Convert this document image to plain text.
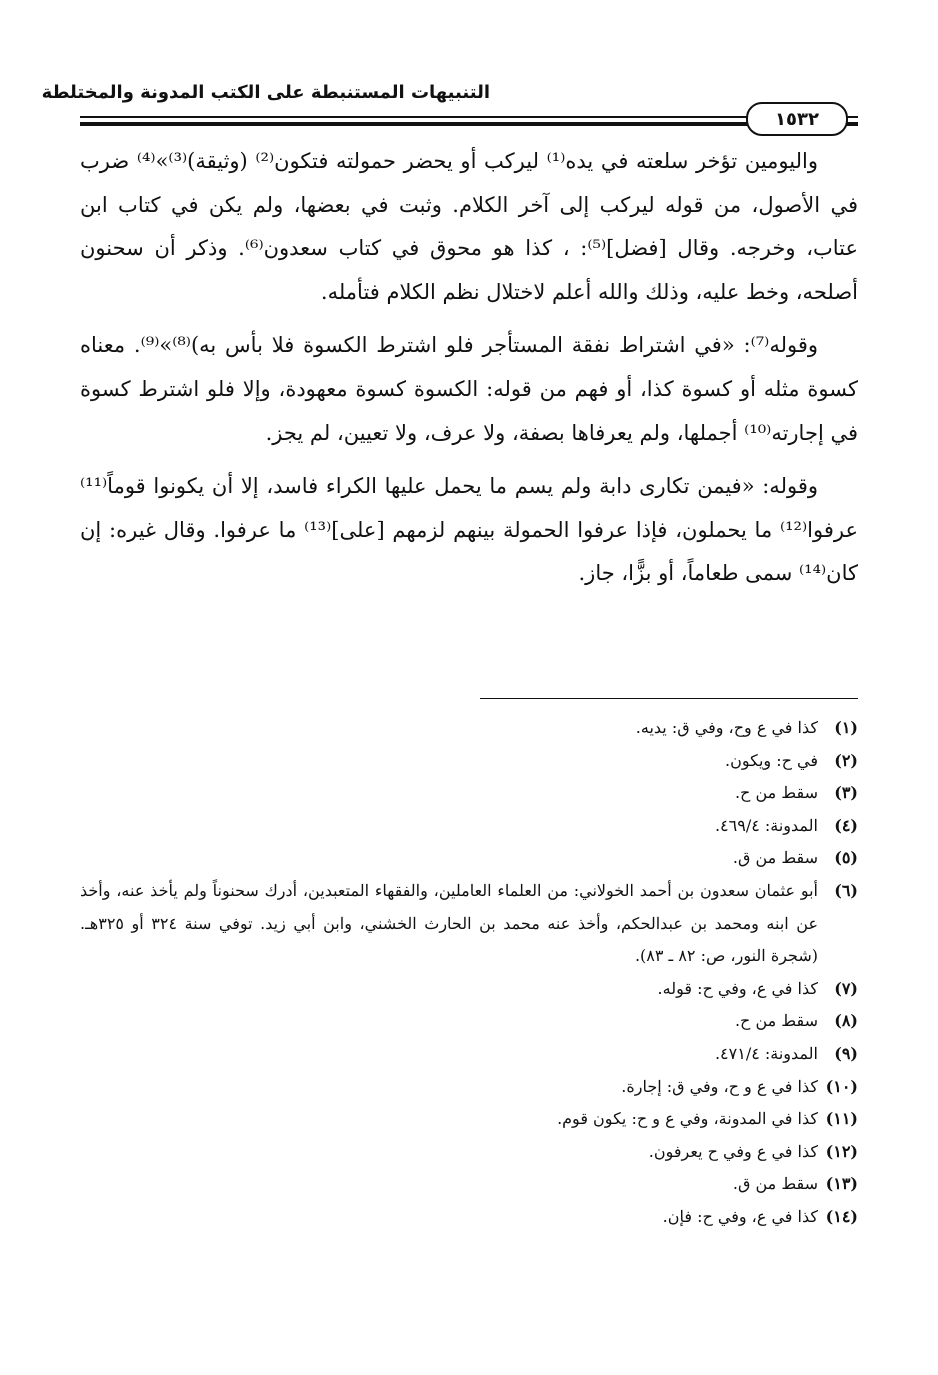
التنبيهات المستنبطة على الكتب المدونة والمختلطة
١٥٣٢

واليومين تؤخر سلعته في يده⁽¹⁾ ليركب أو يحضر حمولته فتكون⁽²⁾ (وثيقة)⁽³⁾»⁽⁴⁾ ضرب في الأصول، من قوله ليركب إلى آخر الكلام. وثبت في بعضها، ولم يكن في كتاب ابن عتاب، وخرجه. وقال [فضل]⁽⁵⁾: ، كذا هو محوق في كتاب سعدون⁽⁶⁾. وذكر أن سحنون أصلحه، وخط عليه، وذلك والله أعلم لاختلال نظم الكلام فتأمله.

وقوله⁽⁷⁾: «في اشتراط نفقة المستأجر فلو اشترط الكسوة فلا بأس به)⁽⁸⁾»⁽⁹⁾. معناه كسوة مثله أو كسوة كذا، أو فهم من قوله: الكسوة كسوة معهودة، وإلا فلو اشترط كسوة في إجارته⁽¹⁰⁾ أجملها، ولم يعرفاها بصفة، ولا عرف، ولا تعيين، لم يجز.

وقوله: «فيمن تكارى دابة ولم يسم ما يحمل عليها الكراء فاسد، إلا أن يكونوا قوماً⁽¹¹⁾ عرفوا⁽¹²⁾ ما يحملون، فإذا عرفوا الحمولة بينهم لزمهم [على]⁽¹³⁾ ما عرفوا. وقال غيره: إن كان⁽¹⁴⁾ سمى طعاماً، أو بزًّا، جاز.

(١)
كذا في ع وح، وفي ق: يديه.
(٢)
في ح: ويكون.
(٣)
سقط من ح.
(٤)
المدونة: ٤٦٩/٤.
(٥)
سقط من ق.
(٦)
أبو عثمان سعدون بن أحمد الخولاني: من العلماء العاملين، والفقهاء المتعبدين، أدرك سحنوناً ولم يأخذ عنه، وأخذ عن ابنه ومحمد بن عبدالحكم، وأخذ عنه محمد بن الحارث الخشني، وابن أبي زيد. توفي سنة ٣٢٤ أو ٣٢٥هـ. (شجرة النور، ص: ٨٢ ـ ٨٣).
(٧)
كذا في ع، وفي ح: قوله.
(٨)
سقط من ح.
(٩)
المدونة: ٤٧١/٤.
(١٠)
كذا في ع و ح، وفي ق: إجارة.
(١١)
كذا في المدونة، وفي ع و ح: يكون قوم.
(١٢)
كذا في ع وفي ح يعرفون.
(١٣)
سقط من ق.
(١٤)
كذا في ع، وفي ح: فإن.
